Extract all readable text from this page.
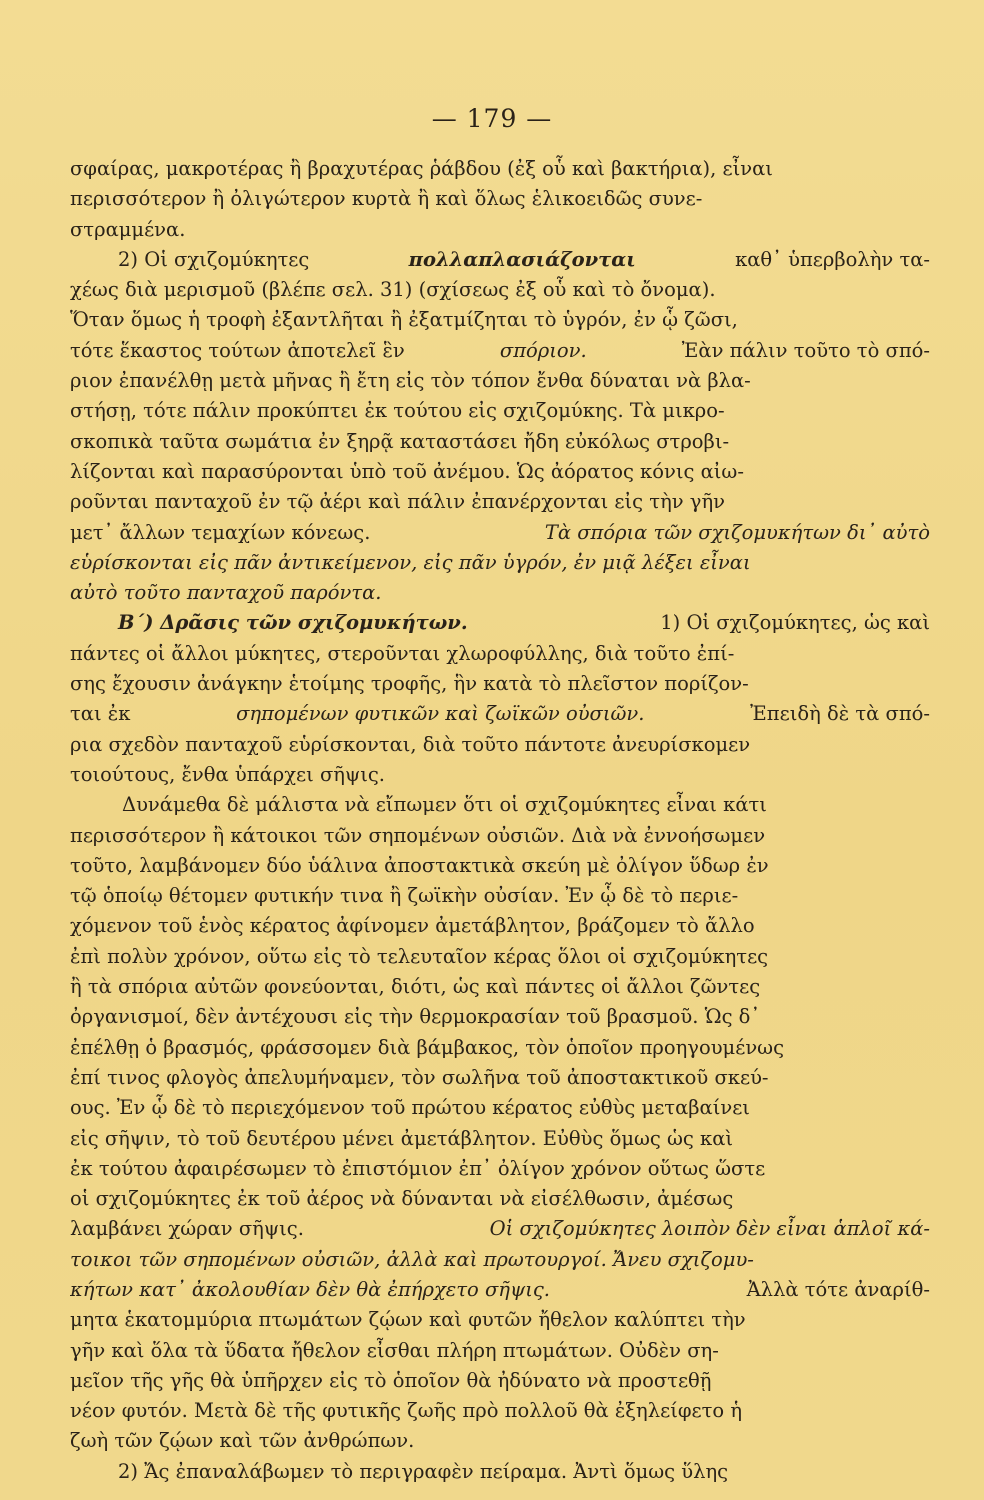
— 179 —
σφαίρας, μακροτέρας ἢ βραχυτέρας ῥάβδου (ἐξ οὗ καὶ βακτήρια), εἶναι
περισσότερον ἢ ὀλιγώτερον κυρτὰ ἢ καὶ ὅλως ἑλικοειδῶς συνε-
στραμμένα.
2) Οἱ σχιζομύκητες	πολλαπλασιάζονται	καθ᾽ ὑπερβολὴν τα-
χέως διὰ μερισμοῦ (βλέπε σελ. 31) (σχίσεως ἐξ οὗ καὶ τὸ ὄνομα).
Ὅταν ὅμως ἡ τροφὴ ἐξαντλῆται ἢ ἐξατμίζηται τὸ ὑγρόν, ἐν ᾧ ζῶσι,
τότε ἕκαστος τούτων ἀποτελεῖ ἓν	σπόριον.	Ἐὰν πάλιν τοῦτο τὸ σπό-
ριον ἐπανέλθῃ μετὰ μῆνας ἢ ἔτη εἰς τὸν τόπον ἔνθα δύναται νὰ βλα-
στήσῃ, τότε πάλιν προκύπτει ἐκ τούτου εἰς σχιζομύκης. Τὰ μικρο-
σκοπικὰ ταῦτα σωμάτια ἐν ξηρᾷ καταστάσει ἤδη εὐκόλως στροβι-
λίζονται καὶ παρασύρονται ὑπὸ τοῦ ἀνέμου. Ὡς ἀόρατος κόνις αἰω-
ροῦνται πανταχοῦ ἐν τῷ ἀέρι καὶ πάλιν ἐπανέρχονται εἰς τὴν γῆν
μετ᾽ ἄλλων τεμαχίων κόνεως.	Τὰ σπόρια τῶν σχιζομυκήτων δι᾽ αὐτὸ
εὑρίσκονται εἰς πᾶν ἀντικείμενον, εἰς πᾶν ὑγρόν, ἐν μιᾷ λέξει εἶναι
αὐτὸ τοῦτο πανταχοῦ παρόντα.
Β΄) Δρᾶσις τῶν σχιζομυκήτων.	1) Οἱ σχιζομύκητες, ὡς καὶ
πάντες οἱ ἄλλοι μύκητες, στεροῦνται χλωροφύλλης, διὰ τοῦτο ἐπί-
σης ἔχουσιν ἀνάγκην ἑτοίμης τροφῆς, ἣν κατὰ τὸ πλεῖστον πορίζον-
ται ἐκ	σηπομένων φυτικῶν καὶ ζωϊκῶν οὐσιῶν.	Ἐπειδὴ δὲ τὰ σπό-
ρια σχεδὸν πανταχοῦ εὑρίσκονται, διὰ τοῦτο πάντοτε ἀνευρίσκομεν
τοιούτους, ἔνθα ὑπάρχει σῆψις.
Δυνάμεθα δὲ μάλιστα νὰ εἴπωμεν ὅτι οἱ σχιζομύκητες εἶναι κάτι
περισσότερον ἢ κάτοικοι τῶν σηπομένων οὐσιῶν. Διὰ νὰ ἐννοήσωμεν
τοῦτο, λαμβάνομεν δύο ὑάλινα ἀποστακτικὰ σκεύη μὲ ὀλίγον ὕδωρ ἐν
τῷ ὁποίῳ θέτομεν φυτικήν τινα ἢ ζωϊκὴν οὐσίαν. Ἐν ᾧ δὲ τὸ περιε-
χόμενον τοῦ ἑνὸς κέρατος ἀφίνομεν ἀμετάβλητον, βράζομεν τὸ ἄλλο
ἐπὶ πολὺν χρόνον, οὕτω εἰς τὸ τελευταῖον κέρας ὅλοι οἱ σχιζομύκητες
ἢ τὰ σπόρια αὐτῶν φονεύονται, διότι, ὡς καὶ πάντες οἱ ἄλλοι ζῶντες
ὀργανισμοί, δὲν ἀντέχουσι εἰς τὴν θερμοκρασίαν τοῦ βρασμοῦ. Ὡς δ᾽
ἐπέλθῃ ὁ βρασμός, φράσσομεν διὰ βάμβακος, τὸν ὁποῖον προηγουμένως
ἐπί τινος φλογὸς ἀπελυμήναμεν, τὸν σωλῆνα τοῦ ἀποστακτικοῦ σκεύ-
ους. Ἐν ᾧ δὲ τὸ περιεχόμενον τοῦ πρώτου κέρατος εὐθὺς μεταβαίνει
εἰς σῆψιν, τὸ τοῦ δευτέρου μένει ἀμετάβλητον. Εὐθὺς ὅμως ὡς καὶ
ἐκ τούτου ἀφαιρέσωμεν τὸ ἐπιστόμιον ἐπ᾽ ὀλίγον χρόνον οὕτως ὥστε
οἱ σχιζομύκητες ἐκ τοῦ ἀέρος νὰ δύνανται νὰ εἰσέλθωσιν, ἀμέσως
λαμβάνει χώραν σῆψις.	Οἱ σχιζομύκητες λοιπὸν δὲν εἶναι ἁπλοῖ κά-
τοικοι τῶν σηπομένων οὐσιῶν, ἀλλὰ καὶ πρωτουργοί. Ἄνευ σχιζομυ-
κήτων κατ᾽ ἀκολουθίαν δὲν θὰ ἐπήρχετο σῆψις.	Ἀλλὰ τότε ἀναρίθ-
μητα ἑκατομμύρια πτωμάτων ζῴων καὶ φυτῶν ἤθελον καλύπτει τὴν
γῆν καὶ ὅλα τὰ ὕδατα ἤθελον εἶσθαι πλήρη πτωμάτων. Οὐδὲν ση-
μεῖον τῆς γῆς θὰ ὑπῆρχεν εἰς τὸ ὁποῖον θὰ ἠδύνατο νὰ προστεθῇ
νέον φυτόν. Μετὰ δὲ τῆς φυτικῆς ζωῆς πρὸ πολλοῦ θὰ ἐξηλείφετο ἡ
ζωὴ τῶν ζῴων καὶ τῶν ἀνθρώπων.
2) Ἄς ἐπαναλάβωμεν τὸ περιγραφὲν πείραμα. Ἀντὶ ὅμως ὕλης
